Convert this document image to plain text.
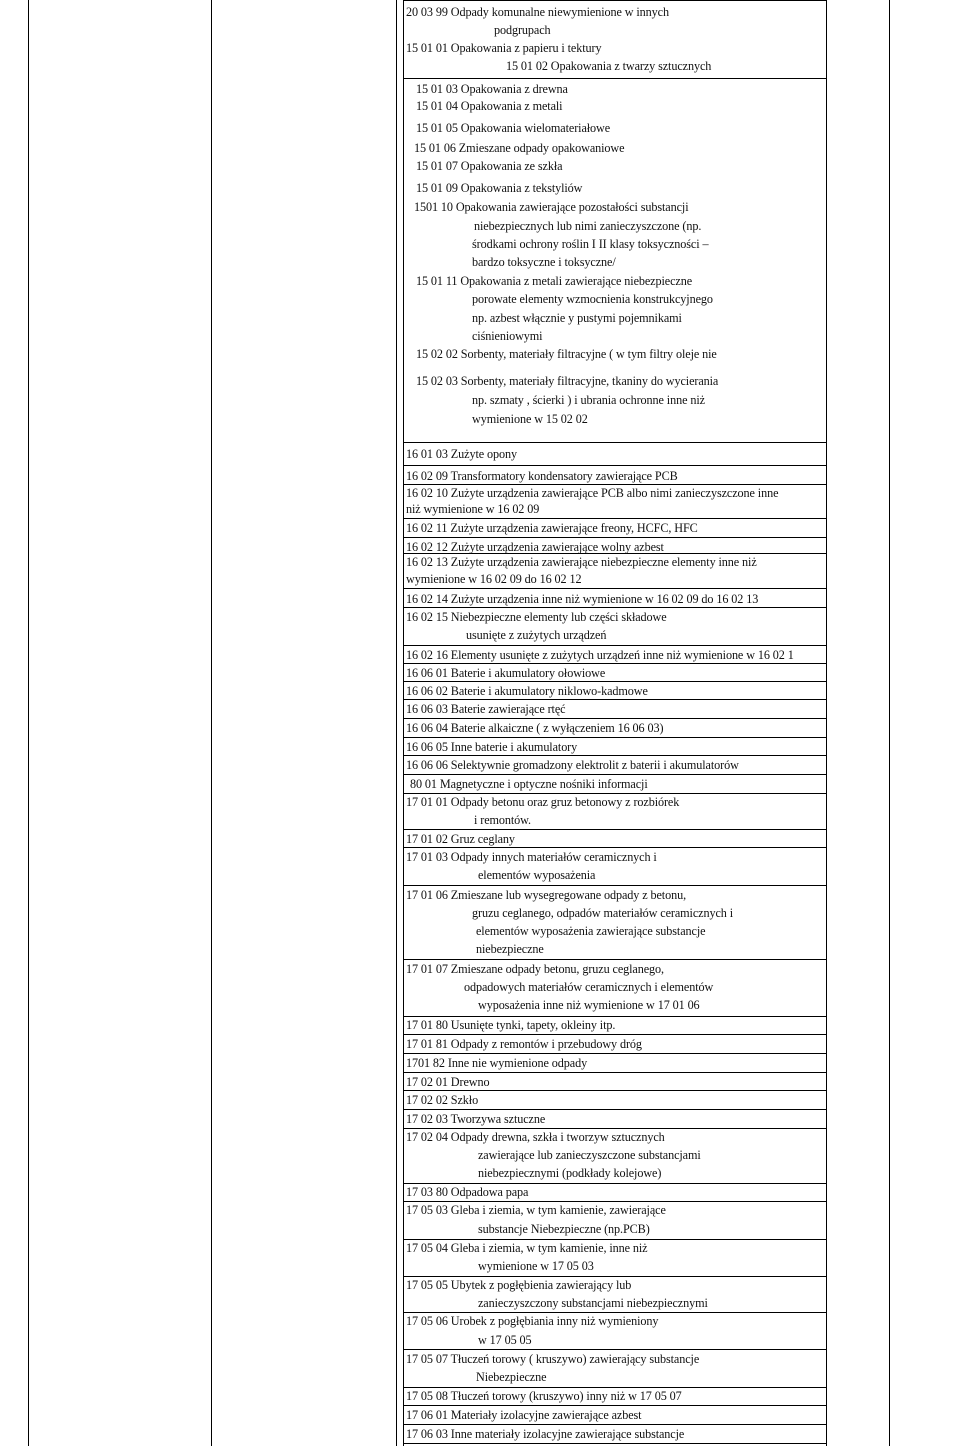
20 03 99 Odpady komunalne niewymienione w innych
podgrupach
15 01 01 Opakowania z papieru i tektury
15 01 02 Opakowania z twarzy sztucznych
15 01 03 Opakowania z drewna
15 01 04 Opakowania z metali
15 01 05 Opakowania wielomateriałowe
15 01 06 Zmieszane odpady opakowaniowe
15 01 07 Opakowania ze szkła
15 01 09 Opakowania z tekstyliów
1501 10 Opakowania zawierające pozostałości substancji
niebezpiecznych lub nimi zanieczyszczone (np.
środkami ochrony roślin I II klasy toksyczności –
bardzo toksyczne i toksyczne/
15 01 11 Opakowania z metali zawierające niebezpieczne
porowate elementy wzmocnienia konstrukcyjnego
np. azbest włącznie y pustymi pojemnikami
ciśnieniowymi
15 02 02 Sorbenty, materiały filtracyjne ( w tym filtry oleje nie
15 02 03 Sorbenty, materiały filtracyjne, tkaniny do wycierania
np. szmaty , ścierki ) i ubrania ochronne inne niż
wymienione w 15 02 02
16 01 03 Zużyte opony
16 02 09 Transformatory kondensatory zawierające PCB
16 02 10 Zużyte urządzenia zawierające PCB albo nimi zanieczyszczone inne
niż wymienione w 16 02 09
16 02 11 Zużyte urządzenia zawierające freony, HCFC, HFC
16 02 12 Zużyte urządzenia zawierające wolny azbest
16 02 13 Zużyte urządzenia zawierające niebezpieczne elementy inne niż
wymienione w 16 02 09 do 16 02 12
16 02 14 Zużyte urządzenia inne niż wymienione w 16 02 09 do 16 02 13
16 02 15 Niebezpieczne elementy lub części składowe
usunięte z zużytych urządzeń
16 02 16 Elementy usunięte z zużytych urządzeń inne niż wymienione w 16 02 1
16 06 01 Baterie i akumulatory ołowiowe
16 06 02 Baterie i akumulatory niklowo-kadmowe
16 06 03 Baterie zawierające rtęć
16 06 04 Baterie alkaiczne ( z wyłączeniem 16 06 03)
16 06 05 Inne baterie i akumulatory
16 06 06 Selektywnie gromadzony elektrolit z baterii i akumulatorów
80 01 Magnetyczne i optyczne nośniki informacji
17 01 01 Odpady betonu oraz gruz betonowy z rozbiórek
i remontów.
17 01 02 Gruz ceglany
17 01 03 Odpady innych materiałów ceramicznych i
elementów wyposażenia
17 01 06 Zmieszane lub wysegregowane odpady z betonu,
gruzu ceglanego, odpadów materiałów ceramicznych i
elementów wyposażenia zawierające substancje
niebezpieczne
17 01 07 Zmieszane odpady betonu, gruzu ceglanego,
odpadowych materiałów ceramicznych i elementów
wyposażenia inne niż wymienione w 17 01 06
17 01 80 Usunięte tynki, tapety, okleiny itp.
17 01 81 Odpady z remontów i przebudowy dróg
1701 82 Inne nie wymienione odpady
17 02 01 Drewno
17 02 02 Szkło
17 02 03 Tworzywa sztuczne
17 02 04 Odpady drewna, szkła i tworzyw sztucznych
zawierające lub zanieczyszczone substancjami
niebezpiecznymi (podkłady kolejowe)
17 03 80 Odpadowa papa
17 05 03 Gleba i ziemia, w tym kamienie, zawierające
substancje Niebezpieczne (np.PCB)
17 05 04 Gleba i ziemia, w tym kamienie, inne niż
wymienione w 17 05 03
17 05 05 Ubytek z pogłębienia zawierający lub
zanieczyszczony substancjami niebezpiecznymi
17 05 06 Urobek z pogłębiania inny niż wymieniony
w 17 05 05
17 05 07 Tłuczeń torowy ( kruszywo) zawierający substancje
Niebezpieczne
17 05 08 Tłuczeń torowy (kruszywo) inny niż w 17 05 07
17 06 01 Materiały izolacyjne zawierające azbest
17 06 03 Inne materiały izolacyjne zawierające substancje
